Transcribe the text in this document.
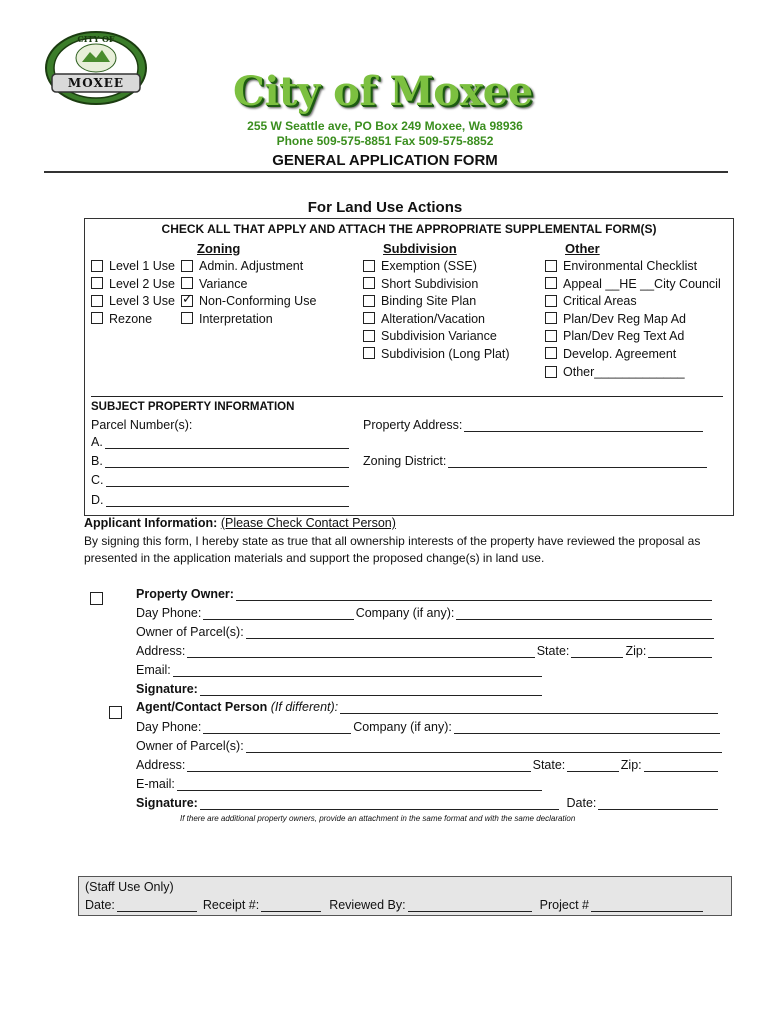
CITY OF
MOXEE	City of Moxee
255 W Seattle ave, PO Box 249 Moxee, Wa 98936
Phone 509-575-8851 Fax 509-575-8852
GENERAL APPLICATION FORM
For Land Use Actions
CHECK ALL THAT APPLY AND ATTACH THE APPROPRIATE SUPPLEMENTAL FORM(S)
Zoning	Subdivision	Other
Level 1 Use
Level 2 Use
Level 3 Use
Rezone
Admin. Adjustment
Variance
✓Non-Conforming Use
Interpretation
Exemption (SSE)
Short Subdivision
Binding Site Plan
Alteration/Vacation
Subdivision Variance
Subdivision (Long Plat)
Environmental Checklist
Appeal __HE __City Council
Critical Areas
Plan/Dev Reg Map Ad
Plan/Dev Reg Text Ad
Develop. Agreement
Other_____________
SUBJECT PROPERTY INFORMATION
Parcel Number(s):
A.
B.
C.
D.
Property Address:
Zoning District:
Applicant Information: (Please Check Contact Person)
By signing this form, I hereby state as true that all ownership interests of the property have reviewed the proposal as
presented in the application materials and support the proposed change(s) in land use.

Property Owner:
Day Phone:	Company (if any):
Owner of Parcel(s):
Address:	State:	Zip:
Email:
Signature:
Agent/Contact Person
(If different):
Day Phone:	Company (if any):
Owner of Parcel(s):
Address:	State:	Zip:
E-mail:
Signature:	Date:
If there are additional property owners, provide an attachment in the same format and with the same declaration
(Staff Use Only)
Date:	Receipt #:	Reviewed By:	Project #
